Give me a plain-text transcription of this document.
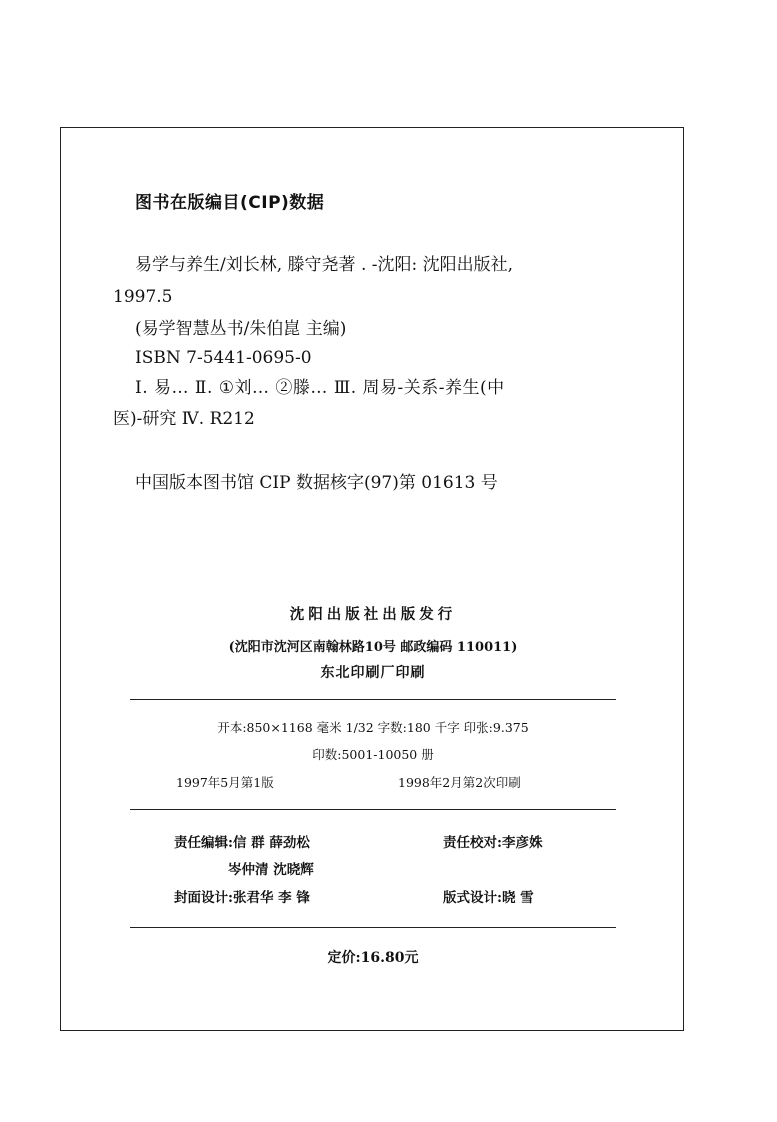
图书在版编目(CIP)数据
易学与养生/刘长林, 滕守尧著 . -沈阳: 沈阳出版社,
1997.5
(易学智慧丛书/朱伯崑 主编)
ISBN 7-5441-0695-0
Ⅰ. 易… Ⅱ. ①刘… ②滕… Ⅲ. 周易-关系-养生(中
医)-研究 Ⅳ. R212
中国版本图书馆 CIP 数据核字(97)第 01613 号
沈阳出版社出版发行
(沈阳市沈河区南翰林路10号 邮政编码 110011)
东北印刷厂印刷
开本:850×1168 毫米 1/32 字数:180 千字 印张:9.375
印数:5001-10050 册
1997年5月第1版	1998年2月第2次印刷
责任编辑:信 群 薛劲松	责任校对:李彦姝
岑仲清 沈晓辉
封面设计:张君华 李 锋	版式设计:晓 雪
定价:16.80元
